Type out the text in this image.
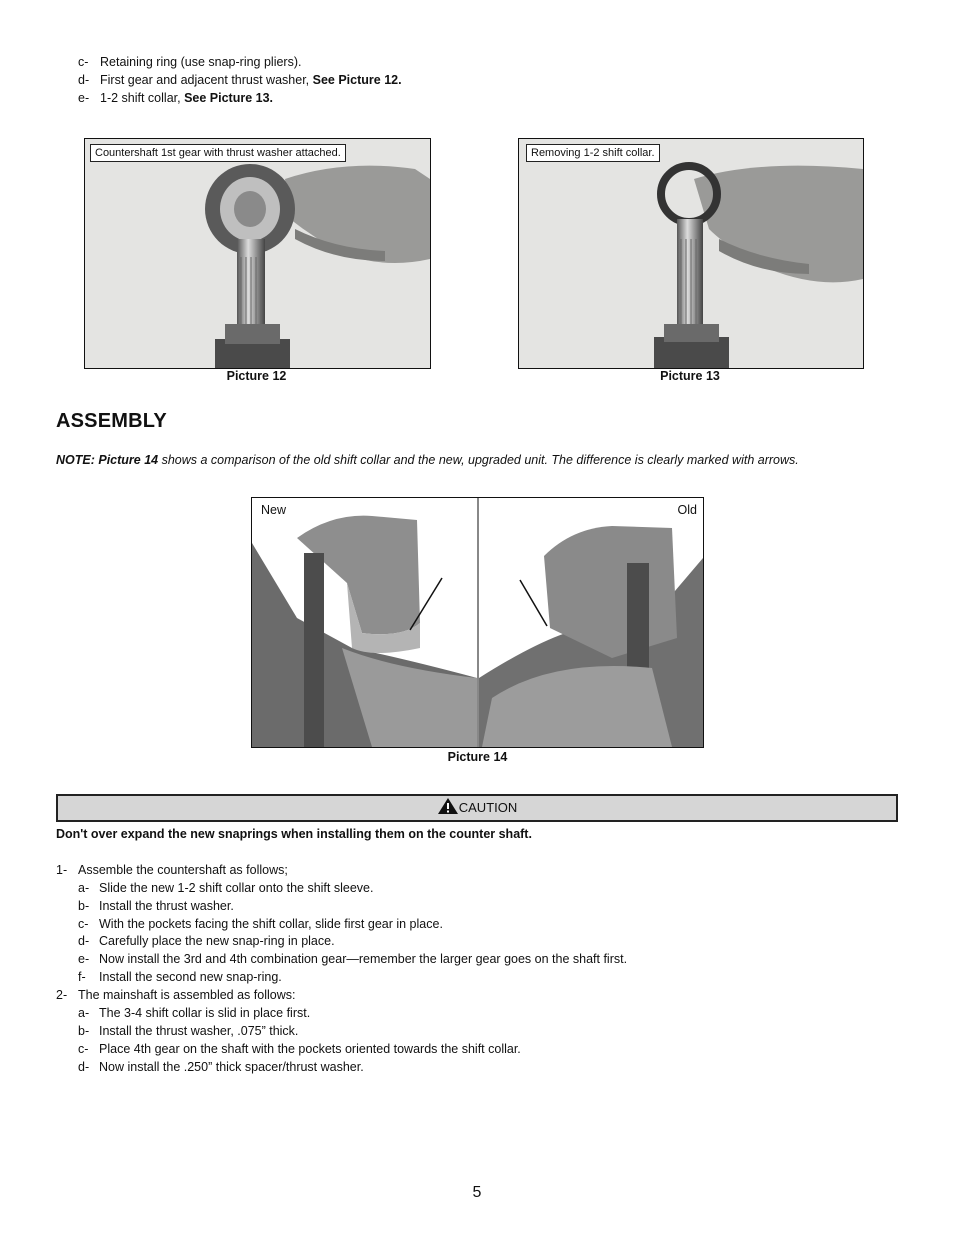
c- Retaining ring (use snap-ring pliers).
d- First gear and adjacent thrust washer, See Picture 12.
e- 1-2 shift collar, See Picture 13.
Countershaft 1st gear with thrust washer attached.
Picture 12
Removing 1-2 shift collar.
Picture 13
ASSEMBLY
NOTE: Picture 14 shows a comparison of the old shift collar and the new, upgraded unit. The difference is clearly marked with arrows.
New	Old
Picture 14
CAUTION
Don't over expand the new snaprings when installing them on the counter shaft.
1- Assemble the countershaft as follows;
a- Slide the new 1-2 shift collar onto the shift sleeve.
b- Install the thrust washer.
c- With the pockets facing the shift collar, slide first gear in place.
d- Carefully place the new snap-ring in place.
e- Now install the 3rd and 4th combination gear—remember the larger gear goes on the shaft first.
f- Install the second new snap-ring.
2- The mainshaft is assembled as follows:
a- The 3-4 shift collar is slid in place first.
b- Install the thrust washer, .075” thick.
c- Place 4th gear on the shaft with the pockets oriented towards the shift collar.
d- Now install the .250” thick spacer/thrust washer.
5
